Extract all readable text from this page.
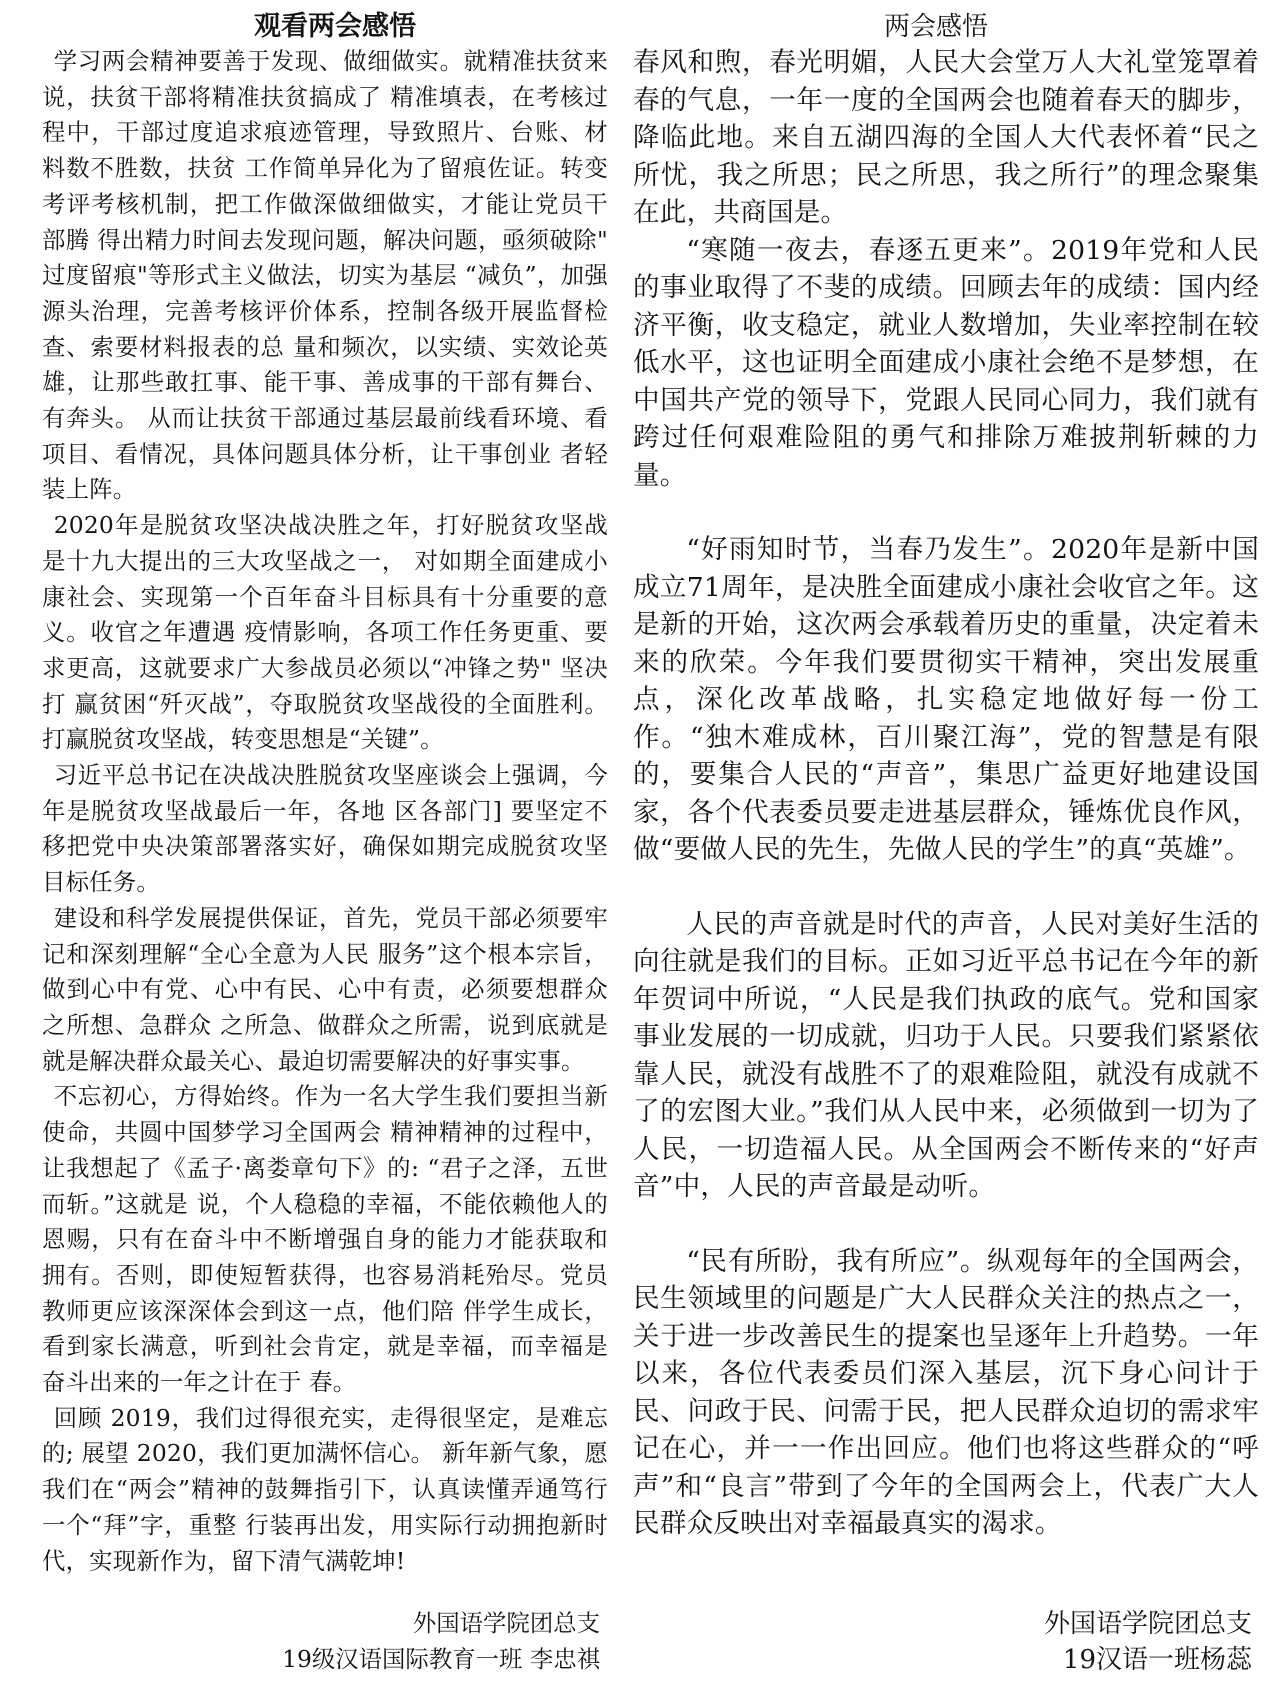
观看两会感悟

学习两会精神要善于发现、做细做实。就精准扶贫来说，扶贫干部将精准扶贫搞成了 精准填表，在考核过程中，干部过度追求痕迹管理，导致照片、台账、材料数不胜数，扶贫 工作简单异化为了留痕佐证。转变考评考核机制，把工作做深做细做实，才能让党员干部腾 得出精力时间去发现问题，解决问题，亟须破除" 过度留痕"等形式主义做法，切实为基层 “减负”，加强源头治理，完善考核评价体系，控制各级开展监督检查、索要材料报表的总 量和频次，以实绩、实效论英雄，让那些敢扛事、能干事、善成事的干部有舞台、有奔头。 从而让扶贫干部通过基层最前线看环境、看项目、看情况，具体问题具体分析，让干事创业 者轻装上阵。

2020年是脱贫攻坚决战决胜之年，打好脱贫攻坚战是十九大提出的三大攻坚战之一， 对如期全面建成小康社会、实现第一个百年奋斗目标具有十分重要的意义。收官之年遭遇 疫情影响，各项工作任务更重、要求更高，这就要求广大参战员必须以“冲锋之势" 坚决打 赢贫困“歼灭战”，夺取脱贫攻坚战役的全面胜利。打赢脱贫攻坚战，转变思想是“关键”。

习近平总书记在决战决胜脱贫攻坚座谈会上强调，今年是脱贫攻坚战最后一年，各地 区各部门] 要坚定不移把党中央决策部署落实好，确保如期完成脱贫攻坚目标任务。

建设和科学发展提供保证，首先，党员干部必须要牢记和深刻理解“全心全意为人民 服务”这个根本宗旨，做到心中有党、心中有民、心中有责，必须要想群众之所想、急群众 之所急、做群众之所需，说到底就是就是解决群众最关心、最迫切需要解决的好事实事。

不忘初心，方得始终。作为一名大学生我们要担当新使命，共圆中国梦学习全国两会 精神精神的过程中，让我想起了《孟子·离娄章句下》的: “君子之泽，五世而斩。”这就是 说，个人稳稳的幸福，不能依赖他人的恩赐，只有在奋斗中不断增强自身的能力才能获取和 拥有。否则，即使短暂获得，也容易消耗殆尽。党员教师更应该深深体会到这一点，他们陪 伴学生成长，看到家长满意，听到社会肯定，就是幸福，而幸福是奋斗出来的一年之计在于 春。

回顾 2019，我们过得很充实，走得很坚定，是难忘的; 展望 2020，我们更加满怀信心。 新年新气象，愿我们在“两会”精神的鼓舞指引下，认真读懂弄通笃行一个“拜”字，重整 行装再出发，用实际行动拥抱新时代，实现新作为，留下清气满乾坤!

外国语学院团总支
19级汉语国际教育一班 李忠祺
两会感悟

春风和煦，春光明媚，人民大会堂万人大礼堂笼罩着春的气息，一年一度的全国两会也随着春天的脚步，降临此地。来自五湖四海的全国人大代表怀着“民之所忧，我之所思；民之所思，我之所行”的理念聚集在此，共商国是。

“寒随一夜去，春逐五更来”。2019年党和人民的事业取得了不斐的成绩。回顾去年的成绩：国内经济平衡，收支稳定，就业人数增加，失业率控制在较低水平，这也证明全面建成小康社会绝不是梦想，在中国共产党的领导下，党跟人民同心同力，我们就有跨过任何艰难险阻的勇气和排除万难披荆斩棘的力量。

“好雨知时节，当春乃发生”。2020年是新中国成立71周年，是决胜全面建成小康社会收官之年。这是新的开始，这次两会承载着历史的重量，决定着未来的欣荣。今年我们要贯彻实干精神，突出发展重点，深化改革战略，扎实稳定地做好每一份工作。“独木难成林，百川聚江海”，党的智慧是有限的，要集合人民的“声音”，集思广益更好地建设国家，各个代表委员要走进基层群众，锤炼优良作风，做“要做人民的先生，先做人民的学生”的真“英雄”。

人民的声音就是时代的声音，人民对美好生活的向往就是我们的目标。正如习近平总书记在今年的新年贺词中所说，“人民是我们执政的底气。党和国家事业发展的一切成就，归功于人民。只要我们紧紧依靠人民，就没有战胜不了的艰难险阻，就没有成就不了的宏图大业。”我们从人民中来，必须做到一切为了人民，一切造福人民。从全国两会不断传来的“好声音”中，人民的声音最是动听。

“民有所盼，我有所应”。纵观每年的全国两会，民生领域里的问题是广大人民群众关注的热点之一，关于进一步改善民生的提案也呈逐年上升趋势。一年以来，各位代表委员们深入基层，沉下身心问计于民、问政于民、问需于民，把人民群众迫切的需求牢记在心，并一一作出回应。他们也将这些群众的“呼声”和“良言”带到了今年的全国两会上，代表广大人民群众反映出对幸福最真实的渴求。

外国语学院团总支
19汉语一班杨蕊
